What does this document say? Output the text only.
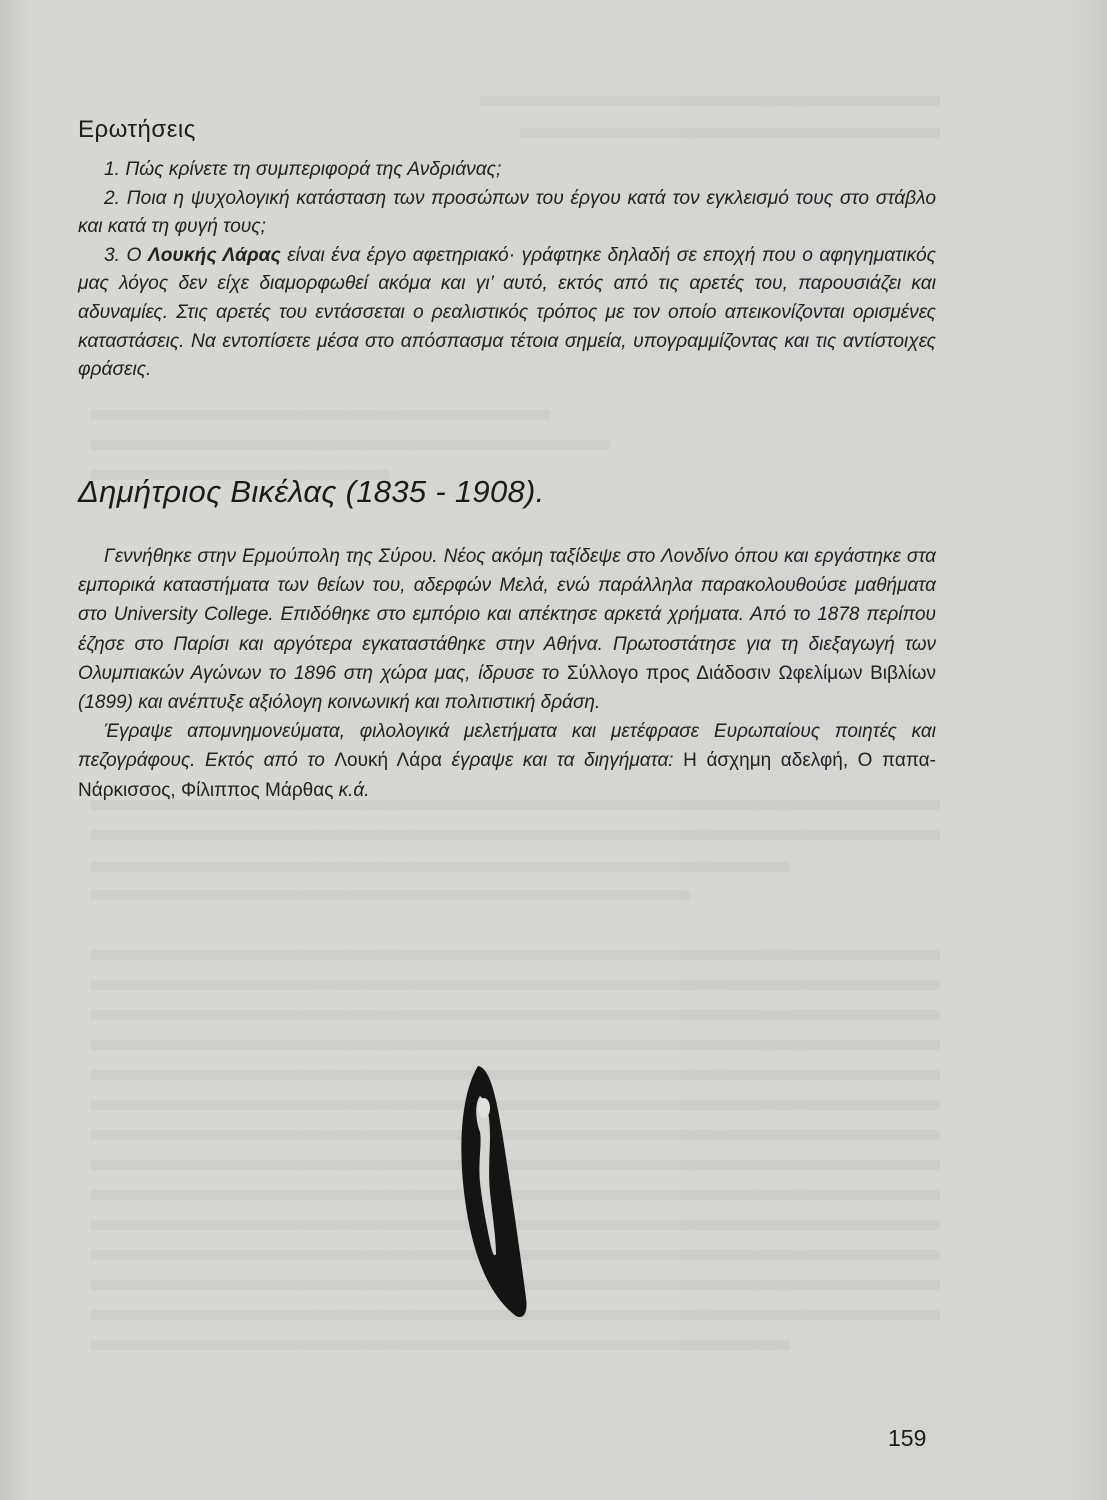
Ερωτήσεις

1. Πώς κρίνετε τη συμπεριφορά της Ανδριάνας;

2. Ποια η ψυχολογική κατάσταση των προσώπων του έργου κατά τον εγκλεισμό τους στο στάβλο και κατά τη φυγή τους;

3. Ο Λουκής Λάρας είναι ένα έργο αφετηριακό· γράφτηκε δηλαδή σε εποχή που ο αφηγηματικός μας λόγος δεν είχε διαμορφωθεί ακόμα και γι’ αυτό, εκτός από τις αρετές του, παρουσιάζει και αδυναμίες. Στις αρετές του εντάσσεται ο ρεαλιστικός τρόπος με τον οποίο απεικονίζονται ορισμένες καταστάσεις. Να εντοπίσετε μέσα στο απόσπασμα τέτοια σημεία, υπογραμμίζοντας και τις αντίστοιχες φράσεις.

Δημήτριος Βικέλας (1835 - 1908).

Γεννήθηκε στην Ερμούπολη της Σύρου. Νέος ακόμη ταξίδεψε στο Λονδίνο όπου και εργάστηκε στα εμπορικά καταστήματα των θείων του, αδερφών Μελά, ενώ παράλληλα παρακολουθούσε μαθήματα στο University College. Επιδόθηκε στο εμπόριο και απέκτησε αρκετά χρήματα. Από το 1878 περίπου έζησε στο Παρίσι και αργότερα εγκαταστάθηκε στην Αθήνα. Πρωτοστάτησε για τη διεξαγωγή των Ολυμπιακών Αγώνων το 1896 στη χώρα μας, ίδρυσε το Σύλλογο προς Διάδοσιν Ωφελίμων Βιβλίων (1899) και ανέπτυξε αξιόλογη κοινωνική και πολιτιστική δράση.

Έγραψε απομνημονεύματα, φιλολογικά μελετήματα και μετέφρασε Ευρωπαίους ποιητές και πεζογράφους. Εκτός από το Λουκή Λάρα έγραψε και τα διηγήματα: Η άσχημη αδελφή, Ο παπα-Νάρκισσος, Φίλιππος Μάρθας κ.ά.

159
